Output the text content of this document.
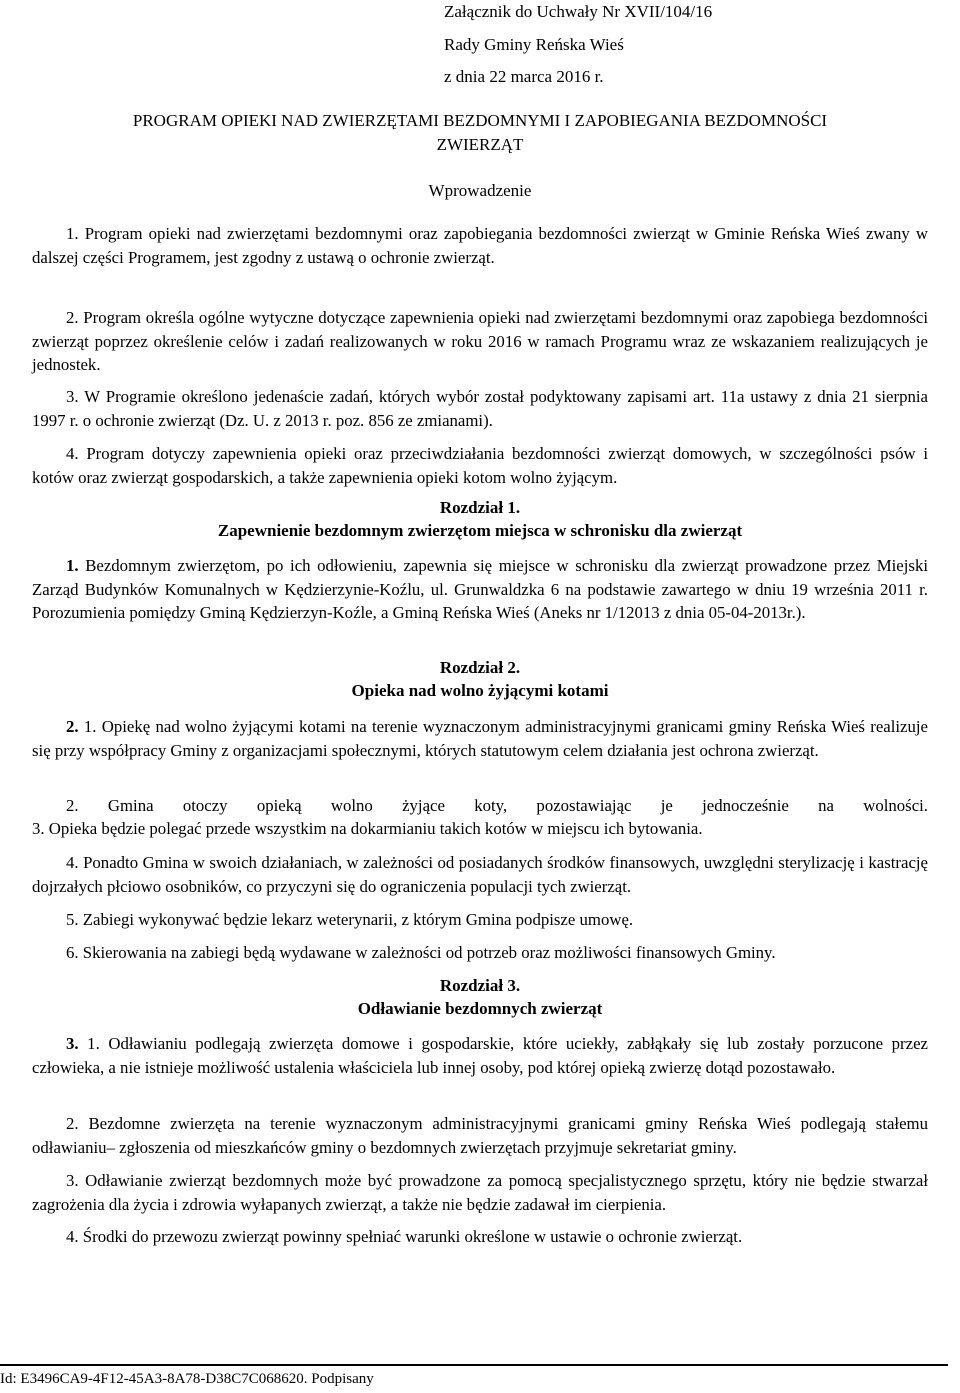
Załącznik do Uchwały Nr XVII/104/16
Rady Gminy Reńska Wieś
z dnia 22 marca 2016 r.
PROGRAM OPIEKI NAD ZWIERZĘTAMI BEZDOMNYMI I ZAPOBIEGANIA BEZDOMNOŚCI
ZWIERZĄT
Wprowadzenie
1. Program opieki nad zwierzętami bezdomnymi oraz zapobiegania bezdomności zwierząt w Gminie Reńska Wieś zwany w dalszej części Programem, jest zgodny z ustawą o ochronie zwierząt.
2. Program określa ogólne wytyczne dotyczące zapewnienia opieki nad zwierzętami bezdomnymi oraz zapobiega bezdomności zwierząt poprzez określenie celów i zadań realizowanych w roku 2016 w ramach Programu wraz ze wskazaniem realizujących je jednostek.
3. W Programie określono jedenaście zadań, których wybór został podyktowany zapisami art. 11a ustawy z dnia 21 sierpnia 1997 r. o ochronie zwierząt (Dz. U. z 2013 r. poz. 856 ze zmianami).
4. Program dotyczy zapewnienia opieki oraz przeciwdziałania bezdomności zwierząt domowych, w szczególności psów i kotów oraz zwierząt gospodarskich, a także zapewnienia opieki kotom wolno żyjącym.
Rozdział 1.
Zapewnienie bezdomnym zwierzętom miejsca w schronisku dla zwierząt
1. Bezdomnym zwierzętom, po ich odłowieniu, zapewnia się miejsce w schronisku dla zwierząt prowadzone przez Miejski Zarząd Budynków Komunalnych w Kędzierzynie-Koźlu, ul. Grunwaldzka 6 na podstawie zawartego w dniu 19 września 2011 r. Porozumienia pomiędzy Gminą Kędzierzyn-Koźle, a Gminą Reńska Wieś (Aneks nr 1/12013 z dnia 05-04-2013r.).
Rozdział 2.
Opieka nad wolno żyjącymi kotami
2. 1. Opiekę nad wolno żyjącymi kotami na terenie wyznaczonym administracyjnymi granicami gminy Reńska Wieś realizuje się przy współpracy Gminy z organizacjami społecznymi, których statutowym celem działania jest ochrona zwierząt.
2. Gmina otoczy opieką wolno żyjące koty, pozostawiając je jednocześnie na wolności.
3. Opieka będzie polegać przede wszystkim na dokarmianiu takich kotów w miejscu ich bytowania.
4. Ponadto Gmina w swoich działaniach, w zależności od posiadanych środków finansowych, uwzględni sterylizację i kastrację dojrzałych płciowo osobników, co przyczyni się do ograniczenia populacji tych zwierząt.
5. Zabiegi wykonywać będzie lekarz weterynarii, z którym Gmina podpisze umowę.
6. Skierowania na zabiegi będą wydawane w zależności od potrzeb oraz możliwości finansowych Gminy.
Rozdział 3.
Odławianie bezdomnych zwierząt
3. 1. Odławianiu podlegają zwierzęta domowe i gospodarskie, które uciekły, zabłąkały się lub zostały porzucone przez człowieka, a nie istnieje możliwość ustalenia właściciela lub innej osoby, pod której opieką zwierzę dotąd pozostawało.
2. Bezdomne zwierzęta na terenie wyznaczonym administracyjnymi granicami gminy Reńska Wieś podlegają stałemu odławianiu– zgłoszenia od mieszkańców gminy o bezdomnych zwierzętach przyjmuje sekretariat gminy.
3. Odławianie zwierząt bezdomnych może być prowadzone za pomocą specjalistycznego sprzętu, który nie będzie stwarzał zagrożenia dla życia i zdrowia wyłapanych zwierząt, a także nie będzie zadawał im cierpienia.
4. Środki do przewozu zwierząt powinny spełniać warunki określone w ustawie o ochronie zwierząt.
Id: E3496CA9-4F12-45A3-8A78-D38C7C068620. Podpisany
